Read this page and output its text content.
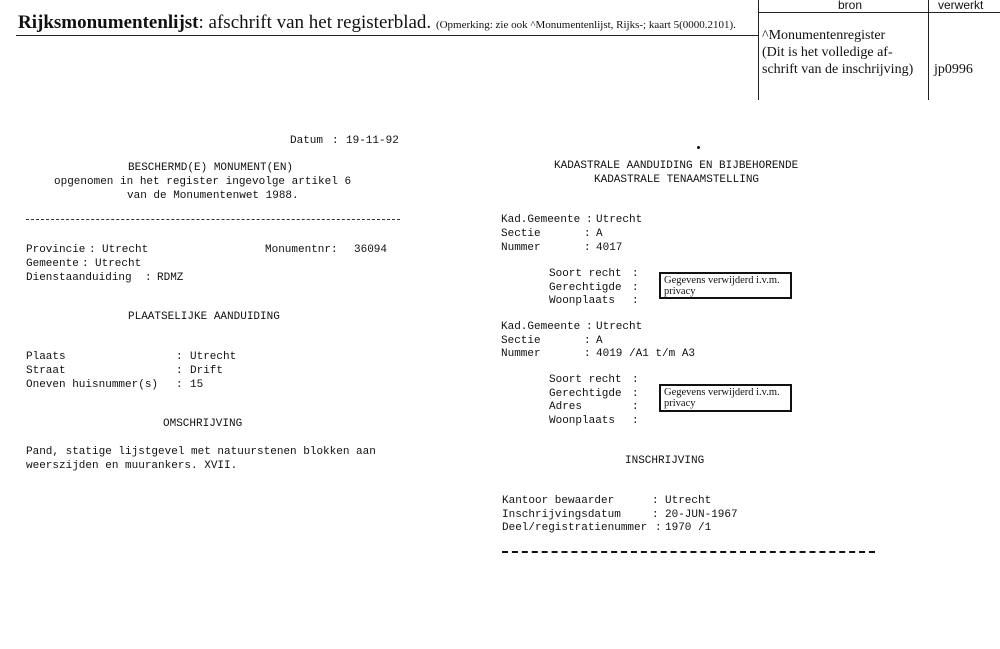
Rijksmonumentenlijst: afschrift van het registerblad. (Opmerking: zie ook ^Monumentenlijst, Rijks-; kaart 5(0000.2101).
bron	verwerkt
^Monumentenregister
(Dit is het volledige af-
schrift van de inschrijving) jp0996
Datum : 19-11-92
BESCHERMD(E) MONUMENT(EN)
opgenomen in het register ingevolge artikel 6
van de Monumentenwet 1988.
Provincie : Utrecht	Monumentnr: 36094
Gemeente : Utrecht
Dienstaanduiding : RDMZ
PLAATSELIJKE AANDUIDING
Plaats	: Utrecht
Straat	: Drift
Oneven huisnummer(s) : 15
OMSCHRIJVING
Pand, statige lijstgevel met natuurstenen blokken aan
weerszijden en muurankers. XVII.
KADASTRALE AANDUIDING EN BIJBEHORENDE
KADASTRALE TENAAMSTELLING
Kad.Gemeente : Utrecht
Sectie	: A
Nummer	: 4017
Soort recht :
Gerechtigde :
Woonplaats :
Gegevens verwijderd i.v.m. privacy
Kad.Gemeente : Utrecht
Sectie	: A
Nummer	: 4019 /A1 t/m A3
Soort recht :
Gerechtigde :
Adres	:
Woonplaats :
Gegevens verwijderd i.v.m. privacy
INSCHRIJVING
Kantoor bewaarder	: Utrecht
Inschrijvingsdatum	: 20-JUN-1967
Deel/registratienummer : 1970 /1
